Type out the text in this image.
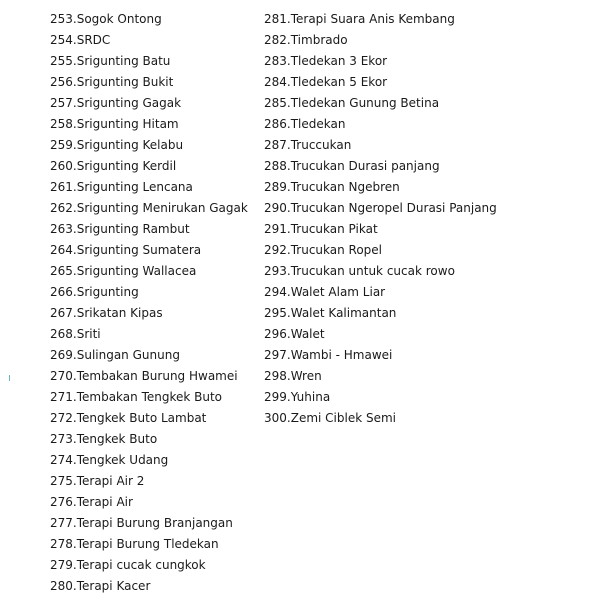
253. Sogok Ontong
254. SRDC
255. Srigunting Batu
256. Srigunting Bukit
257. Srigunting Gagak
258. Srigunting Hitam
259. Srigunting Kelabu
260. Srigunting Kerdil
261. Srigunting Lencana
262. Srigunting Menirukan Gagak
263. Srigunting Rambut
264. Srigunting Sumatera
265. Srigunting Wallacea
266. Srigunting
267. Srikatan Kipas
268. Sriti
269. Sulingan Gunung
270. Tembakan Burung Hwamei
271. Tembakan Tengkek Buto
272. Tengkek Buto Lambat
273. Tengkek Buto
274. Tengkek Udang
275. Terapi Air 2
276. Terapi Air
277. Terapi Burung Branjangan
278. Terapi Burung Tledekan
279. Terapi cucak cungkok
280. Terapi Kacer
281. Terapi Suara Anis Kembang
282. Timbrado
283. Tledekan 3 Ekor
284. Tledekan 5 Ekor
285. Tledekan Gunung Betina
286. Tledekan
287. Truccukan
288. Trucukan Durasi panjang
289. Trucukan Ngebren
290. Trucukan Ngeropel Durasi Panjang
291. Trucukan Pikat
292. Trucukan Ropel
293. Trucukan untuk cucak rowo
294. Walet Alam Liar
295. Walet Kalimantan
296. Walet
297. Wambi - Hmawei
298. Wren
299. Yuhina
300. Zemi Ciblek Semi
